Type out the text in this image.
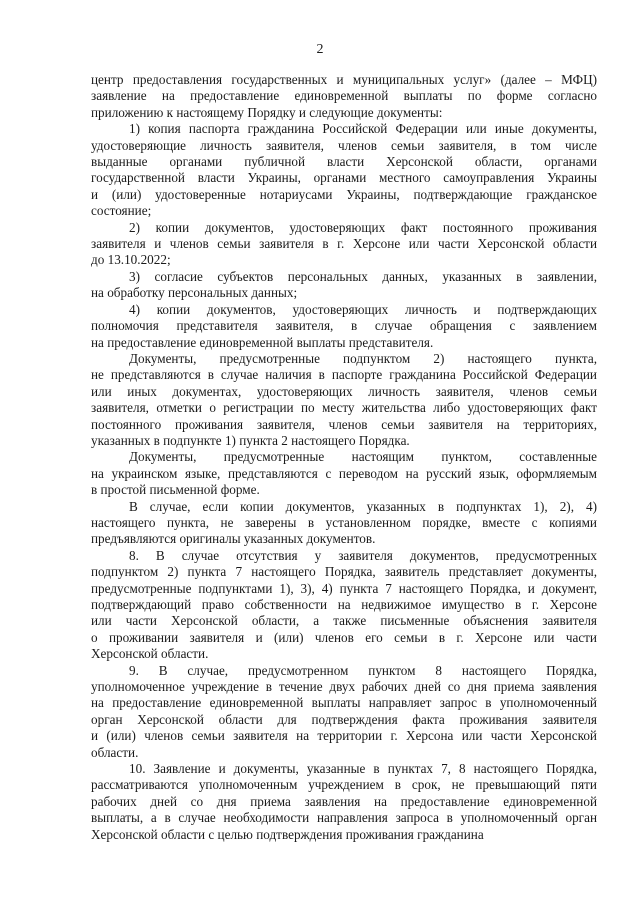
2
центр предоставления государственных и муниципальных услуг» (далее – МФЦ)
заявление на предоставление единовременной выплаты по форме согласно
приложению к настоящему Порядку и следующие документы:
1) копия паспорта гражданина Российской Федерации или иные документы,
удостоверяющие личность заявителя, членов семьи заявителя, в том числе
выданные органами публичной власти Херсонской области, органами
государственной власти Украины, органами местного самоуправления Украины
и (или) удостоверенные нотариусами Украины, подтверждающие гражданское
состояние;
2) копии документов, удостоверяющих факт постоянного проживания
заявителя и членов семьи заявителя в г. Херсоне или части Херсонской области
до 13.10.2022;
3) согласие субъектов персональных данных, указанных в заявлении,
на обработку персональных данных;
4) копии документов, удостоверяющих личность и подтверждающих
полномочия представителя заявителя, в случае обращения с заявлением
на предоставление единовременной выплаты представителя.
Документы, предусмотренные подпунктом 2) настоящего пункта,
не представляются в случае наличия в паспорте гражданина Российской Федерации
или иных документах, удостоверяющих личность заявителя, членов семьи
заявителя, отметки о регистрации по месту жительства либо удостоверяющих факт
постоянного проживания заявителя, членов семьи заявителя на территориях,
указанных в подпункте 1) пункта 2 настоящего Порядка.
Документы, предусмотренные настоящим пунктом, составленные
на украинском языке, представляются с переводом на русский язык, оформляемым
в простой письменной форме.
В случае, если копии документов, указанных в подпунктах 1), 2), 4)
настоящего пункта, не заверены в установленном порядке, вместе с копиями
предъявляются оригиналы указанных документов.
8. В случае отсутствия у заявителя документов, предусмотренных
подпунктом 2) пункта 7 настоящего Порядка, заявитель представляет документы,
предусмотренные подпунктами 1), 3), 4) пункта 7 настоящего Порядка, и документ,
подтверждающий право собственности на недвижимое имущество в г. Херсоне
или части Херсонской области, а также письменные объяснения заявителя
о проживании заявителя и (или) членов его семьи в г. Херсоне или части
Херсонской области.
9. В случае, предусмотренном пунктом 8 настоящего Порядка,
уполномоченное учреждение в течение двух рабочих дней со дня приема заявления
на предоставление единовременной выплаты направляет запрос в уполномоченный
орган Херсонской области для подтверждения факта проживания заявителя
и (или) членов семьи заявителя на территории г. Херсона или части Херсонской
области.
10. Заявление и документы, указанные в пунктах 7, 8 настоящего Порядка,
рассматриваются уполномоченным учреждением в срок, не превышающий пяти
рабочих дней со дня приема заявления на предоставление единовременной
выплаты, а в случае необходимости направления запроса в уполномоченный орган
Херсонской области с целью подтверждения проживания гражданина
